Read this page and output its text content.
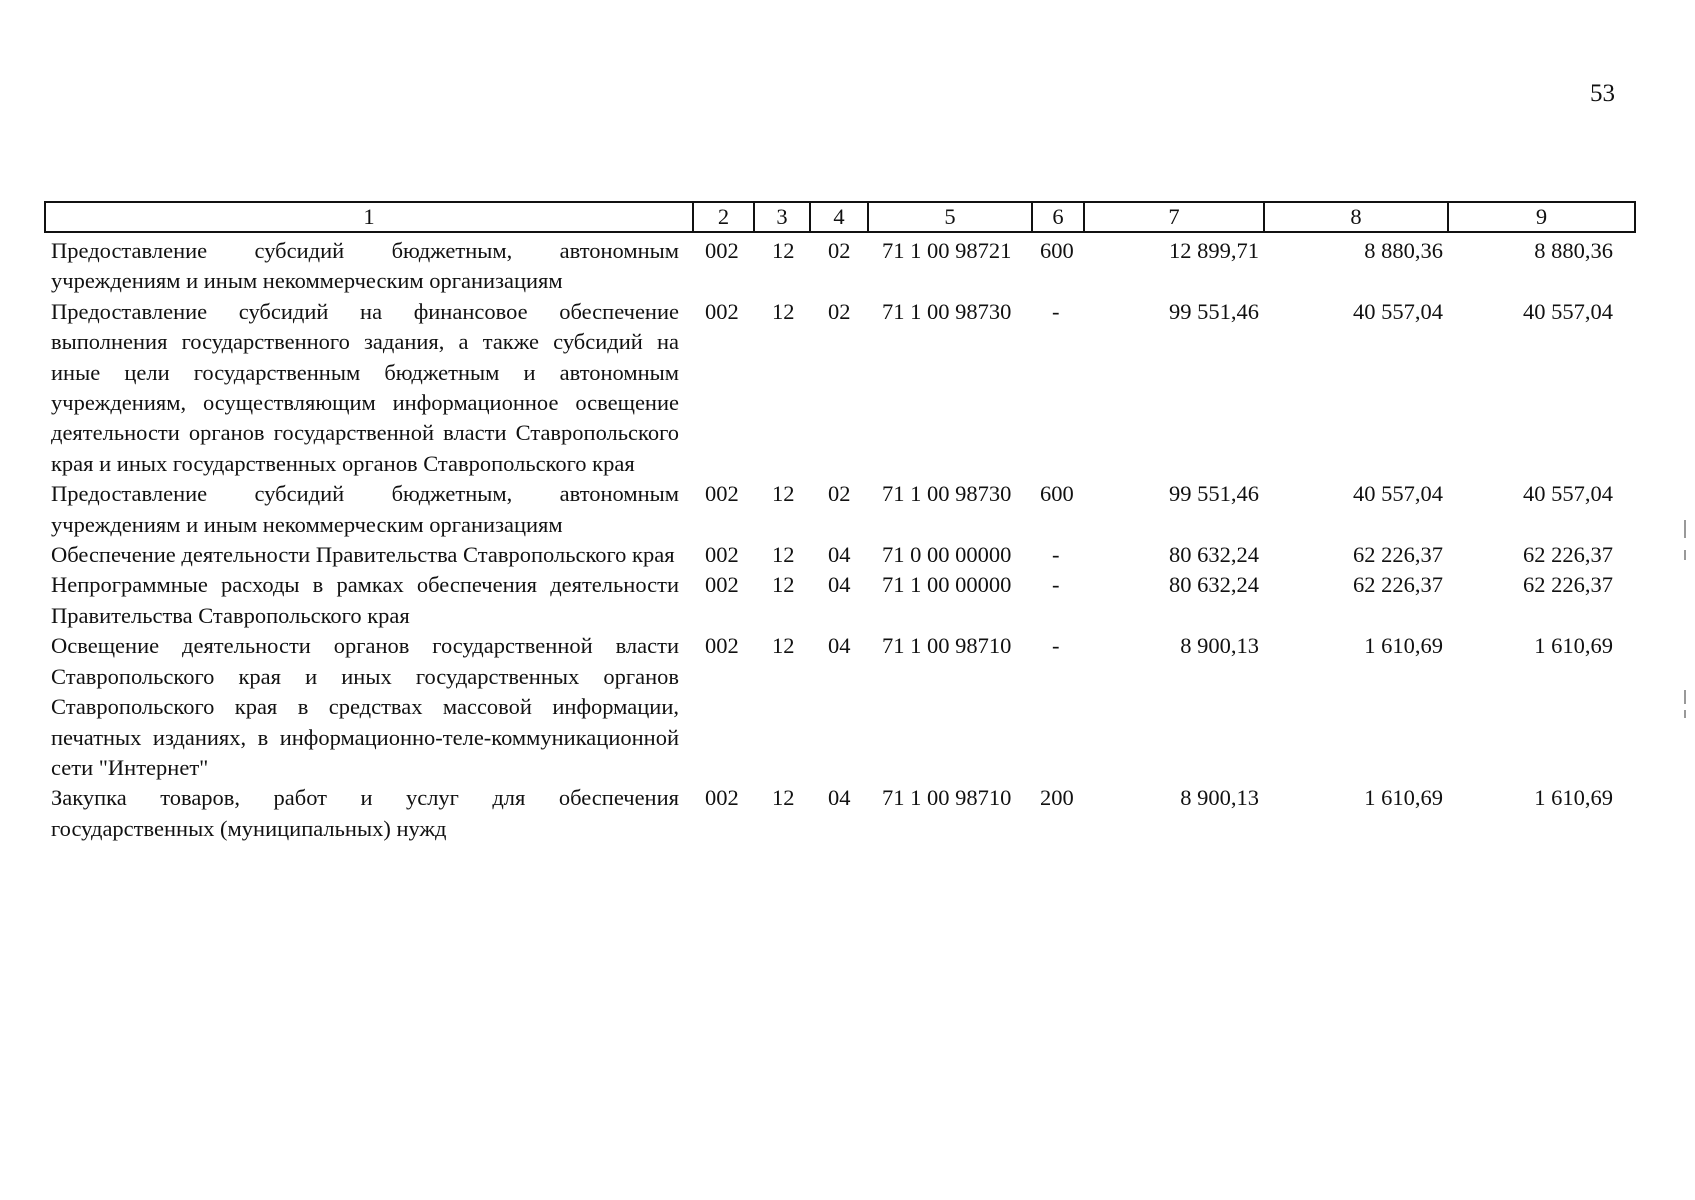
53
1	2	3	4	5	6	7	8	9
Предоставление субсидий бюджетным, автономным учреждениям и иным некоммерческим организациям	002	12	02	71 1 00 98721	600	12 899,71	8 880,36	8 880,36
Предоставление субсидий на финансовое обеспечение выполнения государственного задания, а также субсидий на иные цели государственным бюджетным и автономным учреждениям, осуществляющим информационное освещение деятельности органов государственной власти Ставропольского края и иных государственных органов Ставропольского края	002	12	02	71 1 00 98730	-	99 551,46	40 557,04	40 557,04
Предоставление субсидий бюджетным, автономным учреждениям и иным некоммерческим организациям	002	12	02	71 1 00 98730	600	99 551,46	40 557,04	40 557,04
Обеспечение деятельности Правительства Ставропольского края	002	12	04	71 0 00 00000	-	80 632,24	62 226,37	62 226,37
Непрограммные расходы в рамках обеспечения деятельности Правительства Ставропольского края	002	12	04	71 1 00 00000	-	80 632,24	62 226,37	62 226,37
Освещение деятельности органов государственной власти Ставропольского края и иных государственных органов Ставропольского края в средствах массовой информации, печатных изданиях, в информационно-теле-коммуникационной сети "Интернет"	002	12	04	71 1 00 98710	-	8 900,13	1 610,69	1 610,69
Закупка товаров, работ и услуг для обеспечения государственных (муниципальных) нужд	002	12	04	71 1 00 98710	200	8 900,13	1 610,69	1 610,69
